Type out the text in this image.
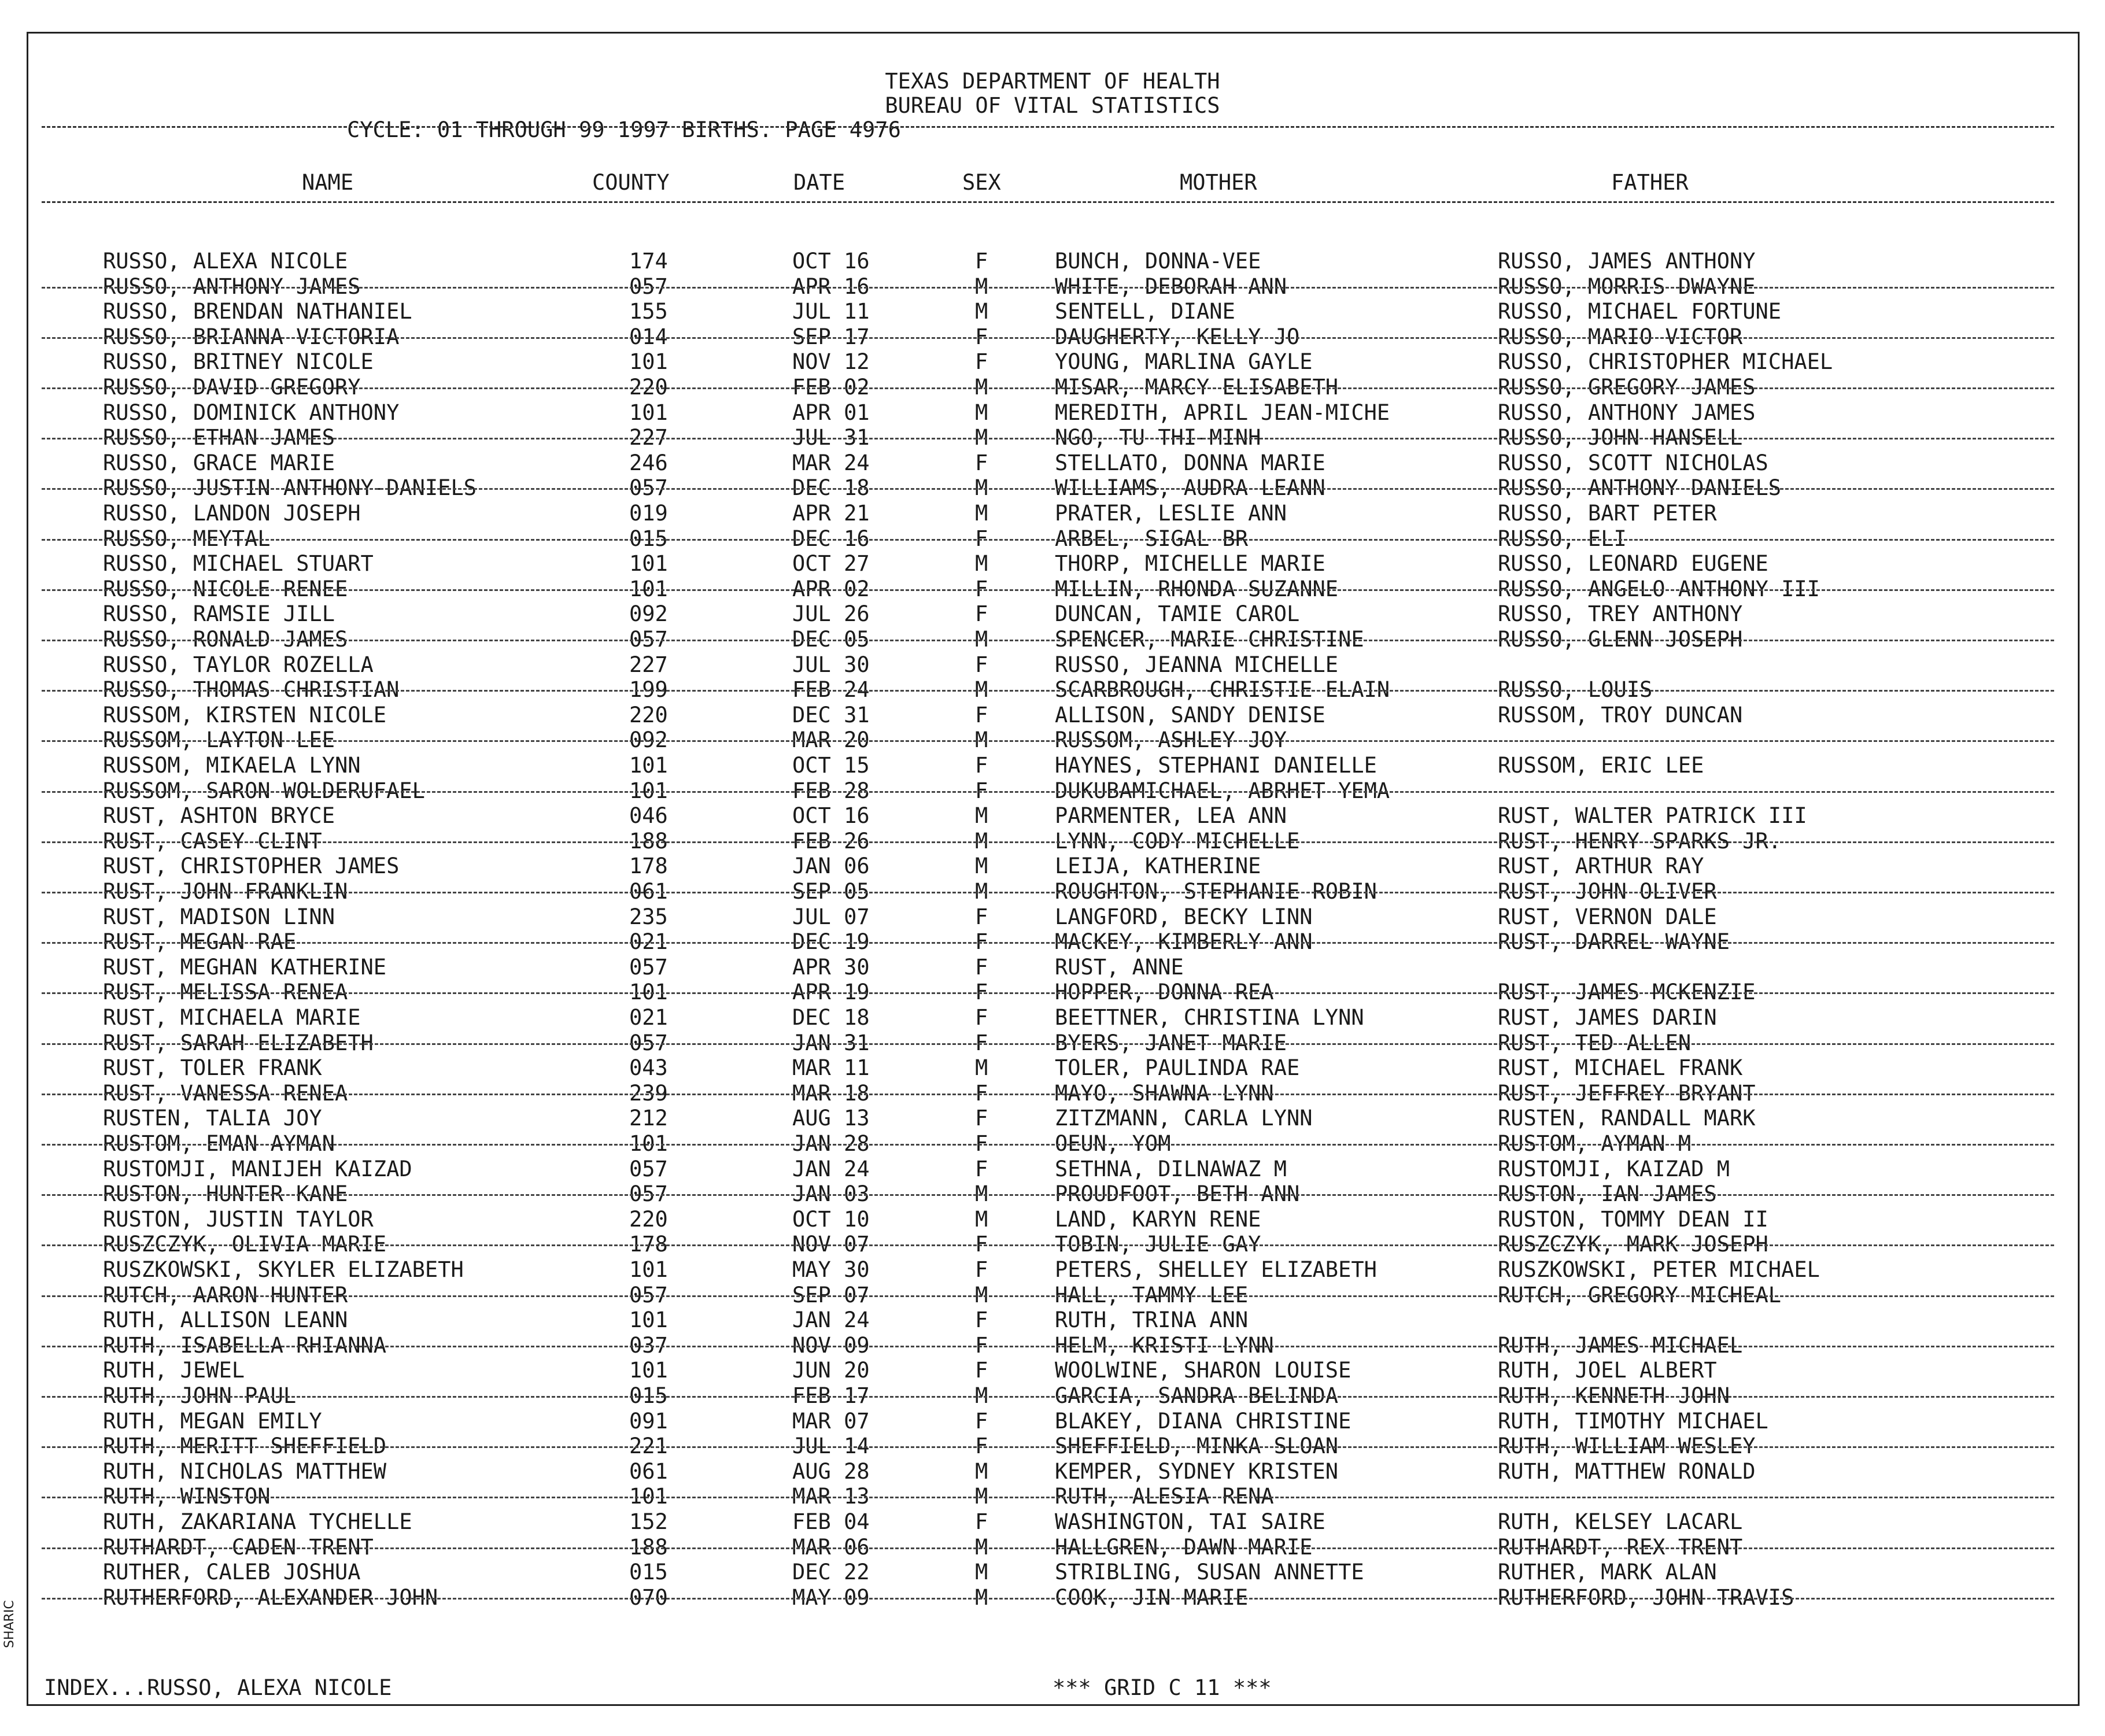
TEXAS DEPARTMENT OF HEALTH
BUREAU OF VITAL STATISTICS
CYCLE: 01 THROUGH 99 1997 BIRTHS. PAGE 4976
NAME	COUNTY	DATE	SEX	MOTHER	FATHER
RUSSO, ALEXA NICOLE	174	OCT 16	F	BUNCH, DONNA-VEE	RUSSO, JAMES ANTHONY
RUSSO, ANTHONY JAMES	057	APR 16	M	WHITE, DEBORAH ANN	RUSSO, MORRIS DWAYNE
RUSSO, BRENDAN NATHANIEL	155	JUL 11	M	SENTELL, DIANE	RUSSO, MICHAEL FORTUNE
RUSSO, BRIANNA VICTORIA	014	SEP 17	F	DAUGHERTY, KELLY JO	RUSSO, MARIO VICTOR
RUSSO, BRITNEY NICOLE	101	NOV 12	F	YOUNG, MARLINA GAYLE	RUSSO, CHRISTOPHER MICHAEL
RUSSO, DAVID GREGORY	220	FEB 02	M	MISAR, MARCY ELISABETH	RUSSO, GREGORY JAMES
RUSSO, DOMINICK ANTHONY	101	APR 01	M	MEREDITH, APRIL JEAN-MICHE	RUSSO, ANTHONY JAMES
RUSSO, ETHAN JAMES	227	JUL 31	M	NGO, TU THI-MINH	RUSSO, JOHN HANSELL
RUSSO, GRACE MARIE	246	MAR 24	F	STELLATO, DONNA MARIE	RUSSO, SCOTT NICHOLAS
RUSSO, JUSTIN ANTHONY-DANIELS	057	DEC 18	M	WILLIAMS, AUDRA LEANN	RUSSO, ANTHONY DANIELS
RUSSO, LANDON JOSEPH	019	APR 21	M	PRATER, LESLIE ANN	RUSSO, BART PETER
RUSSO, MEYTAL	015	DEC 16	F	ARBEL, SIGAL BR	RUSSO, ELI
RUSSO, MICHAEL STUART	101	OCT 27	M	THORP, MICHELLE MARIE	RUSSO, LEONARD EUGENE
RUSSO, NICOLE RENEE	101	APR 02	F	MILLIN, RHONDA SUZANNE	RUSSO, ANGELO ANTHONY III
RUSSO, RAMSIE JILL	092	JUL 26	F	DUNCAN, TAMIE CAROL	RUSSO, TREY ANTHONY
RUSSO, RONALD JAMES	057	DEC 05	M	SPENCER, MARIE CHRISTINE	RUSSO, GLENN JOSEPH
RUSSO, TAYLOR ROZELLA	227	JUL 30	F	RUSSO, JEANNA MICHELLE
RUSSO, THOMAS CHRISTIAN	199	FEB 24	M	SCARBROUGH, CHRISTIE ELAIN	RUSSO, LOUIS
RUSSOM, KIRSTEN NICOLE	220	DEC 31	F	ALLISON, SANDY DENISE	RUSSOM, TROY DUNCAN
RUSSOM, LAYTON LEE	092	MAR 20	M	RUSSOM, ASHLEY JOY
RUSSOM, MIKAELA LYNN	101	OCT 15	F	HAYNES, STEPHANI DANIELLE	RUSSOM, ERIC LEE
RUSSOM, SARON WOLDERUFAEL	101	FEB 28	F	DUKUBAMICHAEL, ABRHET YEMA
RUST, ASHTON BRYCE	046	OCT 16	M	PARMENTER, LEA ANN	RUST, WALTER PATRICK III
RUST, CASEY CLINT	188	FEB 26	M	LYNN, CODY MICHELLE	RUST, HENRY SPARKS JR.
RUST, CHRISTOPHER JAMES	178	JAN 06	M	LEIJA, KATHERINE	RUST, ARTHUR RAY
RUST, JOHN FRANKLIN	061	SEP 05	M	ROUGHTON, STEPHANIE ROBIN	RUST, JOHN OLIVER
RUST, MADISON LINN	235	JUL 07	F	LANGFORD, BECKY LINN	RUST, VERNON DALE
RUST, MEGAN RAE	021	DEC 19	F	MACKEY, KIMBERLY ANN	RUST, DARREL WAYNE
RUST, MEGHAN KATHERINE	057	APR 30	F	RUST, ANNE
RUST, MELISSA RENEA	101	APR 19	F	HOPPER, DONNA REA	RUST, JAMES MCKENZIE
RUST, MICHAELA MARIE	021	DEC 18	F	BEETTNER, CHRISTINA LYNN	RUST, JAMES DARIN
RUST, SARAH ELIZABETH	057	JAN 31	F	BYERS, JANET MARIE	RUST, TED ALLEN
RUST, TOLER FRANK	043	MAR 11	M	TOLER, PAULINDA RAE	RUST, MICHAEL FRANK
RUST, VANESSA RENEA	239	MAR 18	F	MAYO, SHAWNA LYNN	RUST, JEFFREY BRYANT
RUSTEN, TALIA JOY	212	AUG 13	F	ZITZMANN, CARLA LYNN	RUSTEN, RANDALL MARK
RUSTOM, EMAN AYMAN	101	JAN 28	F	OEUN, YOM	RUSTOM, AYMAN M
RUSTOMJI, MANIJEH KAIZAD	057	JAN 24	F	SETHNA, DILNAWAZ M	RUSTOMJI, KAIZAD M
RUSTON, HUNTER KANE	057	JAN 03	M	PROUDFOOT, BETH ANN	RUSTON, IAN JAMES
RUSTON, JUSTIN TAYLOR	220	OCT 10	M	LAND, KARYN RENE	RUSTON, TOMMY DEAN II
RUSZCZYK, OLIVIA MARIE	178	NOV 07	F	TOBIN, JULIE GAY	RUSZCZYK, MARK JOSEPH
RUSZKOWSKI, SKYLER ELIZABETH	101	MAY 30	F	PETERS, SHELLEY ELIZABETH	RUSZKOWSKI, PETER MICHAEL
RUTCH, AARON HUNTER	057	SEP 07	M	HALL, TAMMY LEE	RUTCH, GREGORY MICHEAL
RUTH, ALLISON LEANN	101	JAN 24	F	RUTH, TRINA ANN
RUTH, ISABELLA RHIANNA	037	NOV 09	F	HELM, KRISTI LYNN	RUTH, JAMES MICHAEL
RUTH, JEWEL	101	JUN 20	F	WOOLWINE, SHARON LOUISE	RUTH, JOEL ALBERT
RUTH, JOHN PAUL	015	FEB 17	M	GARCIA, SANDRA BELINDA	RUTH, KENNETH JOHN
RUTH, MEGAN EMILY	091	MAR 07	F	BLAKEY, DIANA CHRISTINE	RUTH, TIMOTHY MICHAEL
RUTH, MERITT SHEFFIELD	221	JUL 14	F	SHEFFIELD, MINKA SLOAN	RUTH, WILLIAM WESLEY
RUTH, NICHOLAS MATTHEW	061	AUG 28	M	KEMPER, SYDNEY KRISTEN	RUTH, MATTHEW RONALD
RUTH, WINSTON	101	MAR 13	M	RUTH, ALESIA RENA
RUTH, ZAKARIANA TYCHELLE	152	FEB 04	F	WASHINGTON, TAI SAIRE	RUTH, KELSEY LACARL
RUTHARDT, CADEN TRENT	188	MAR 06	M	HALLGREN, DAWN MARIE	RUTHARDT, REX TRENT
RUTHER, CALEB JOSHUA	015	DEC 22	M	STRIBLING, SUSAN ANNETTE	RUTHER, MARK ALAN
RUTHERFORD, ALEXANDER JOHN	070	MAY 09	M	COOK, JIN MARIE	RUTHERFORD, JOHN TRAVIS
INDEX...RUSSO, ALEXA NICOLE	*** GRID C 11 ***
SHARIC
